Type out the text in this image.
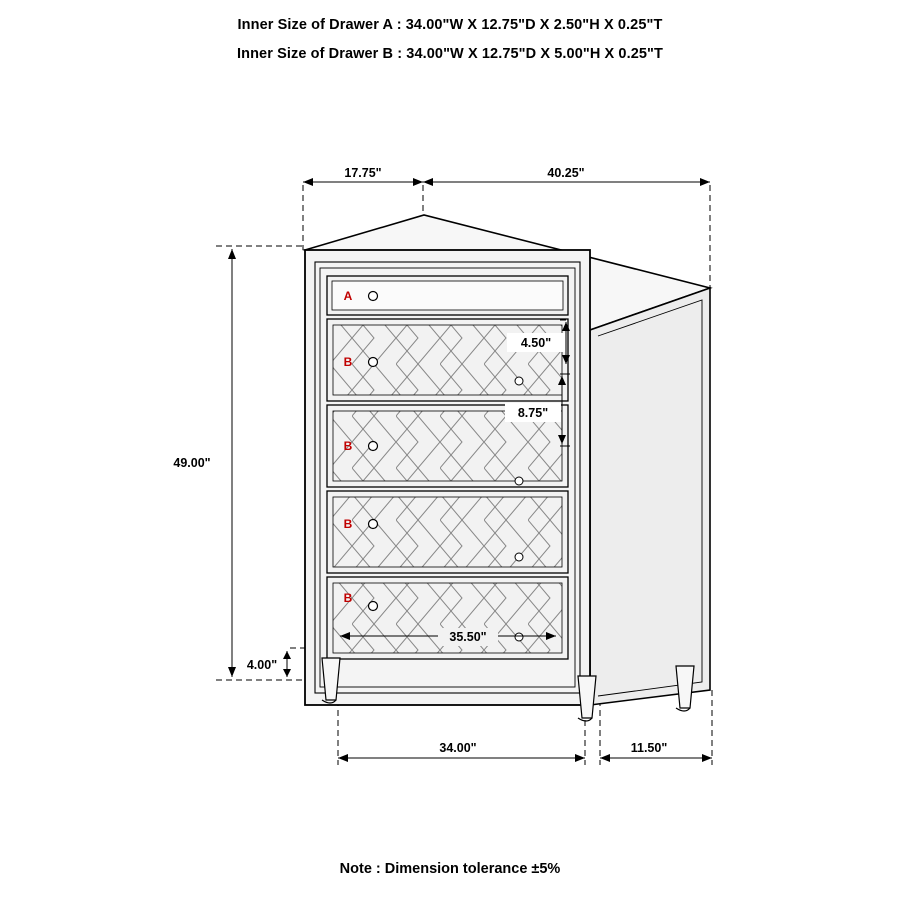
Inner Size of Drawer A : 34.00"W X 12.75"D X 2.50"H X 0.25"T
Inner Size of Drawer B : 34.00"W X 12.75"D X 5.00"H X 0.25"T
17.75"	40.25"
49.00"
4.00"
34.00"	11.50"
A
B
B
B
B
4.50"
8.75"
35.50"
Note : Dimension tolerance ±5%
